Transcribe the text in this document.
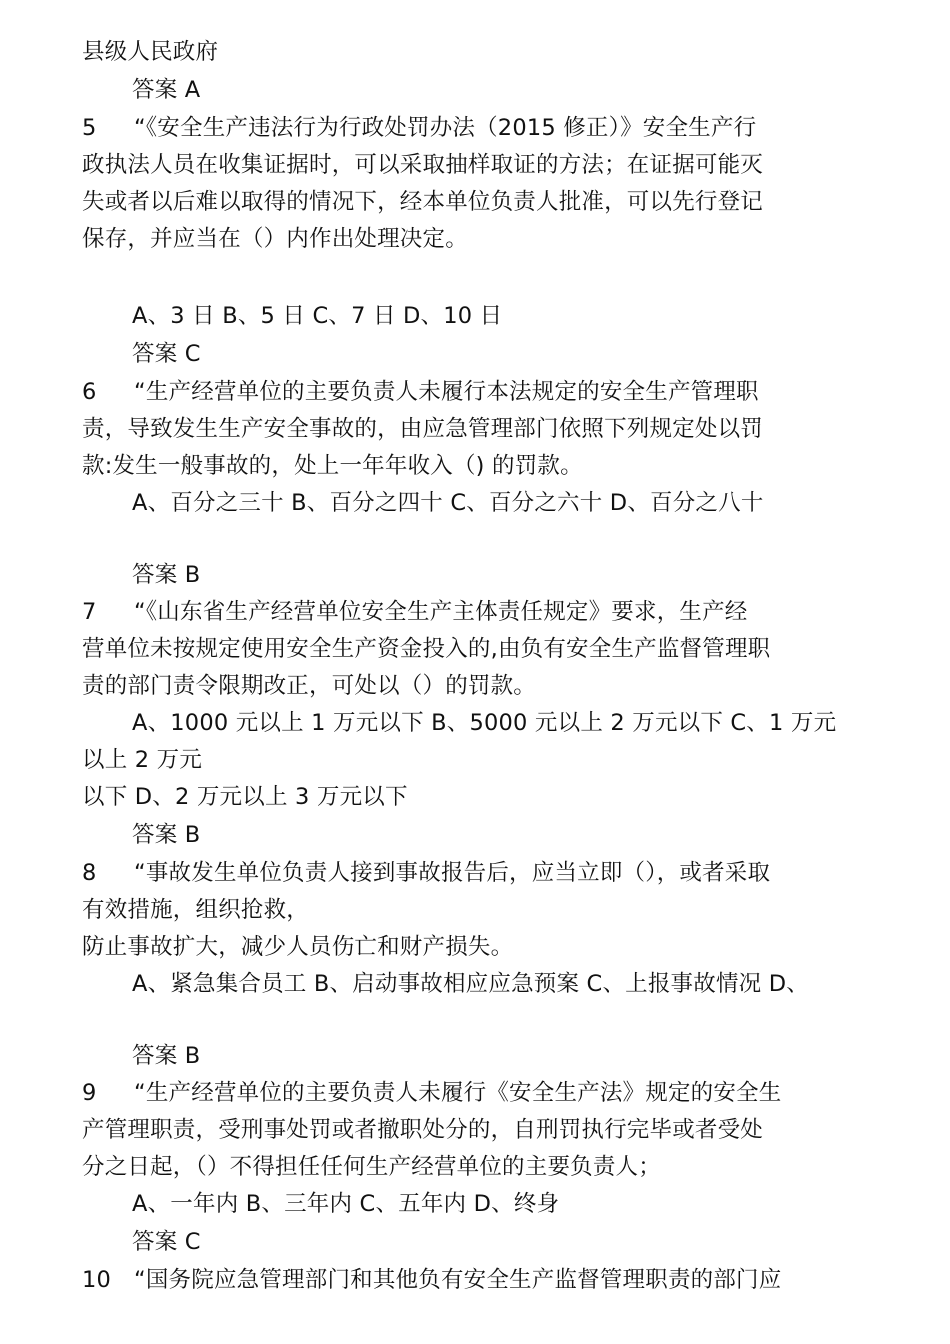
县级人民政府
答案 A
5 “《安全生产违法行为行政处罚办法（2015 修正）》安全生产行
政执法人员在收集证据时，可以采取抽样取证的方法；在证据可能灭
失或者以后难以取得的情况下，经本单位负责人批准，可以先行登记
保存，并应当在（）内作出处理决定。
A、3 日 B、5 日 C、7 日 D、10 日
答案 C
6 “生产经营单位的主要负责人未履行本法规定的安全生产管理职
责，导致发生生产安全事故的，由应急管理部门依照下列规定处以罚
款:发生一般事故的，处上一年年收入（) 的罚款。
A、百分之三十 B、百分之四十 C、百分之六十 D、百分之八十
答案 B
7 “《山东省生产经营单位安全生产主体责任规定》要求，生产经
营单位未按规定使用安全生产资金投入的,由负有安全生产监督管理职
责的部门责令限期改正，可处以（）的罚款。
A、1000 元以上 1 万元以下 B、5000 元以上 2 万元以下 C、1 万元
以上 2 万元
以下 D、2 万元以上 3 万元以下
答案 B
8 “事故发生单位负责人接到事故报告后，应当立即（），或者采取
有效措施，组织抢救，
防止事故扩大，减少人员伤亡和财产损失。
A、紧急集合员工 B、启动事故相应应急预案 C、上报事故情况 D、
答案 B
9 “生产经营单位的主要负责人未履行《安全生产法》规定的安全生
产管理职责，受刑事处罚或者撤职处分的，自刑罚执行完毕或者受处
分之日起，（）不得担任任何生产经营单位的主要负责人；
A、一年内 B、三年内 C、五年内 D、终身
答案 C
10 “国务院应急管理部门和其他负有安全生产监督管理职责的部门应
